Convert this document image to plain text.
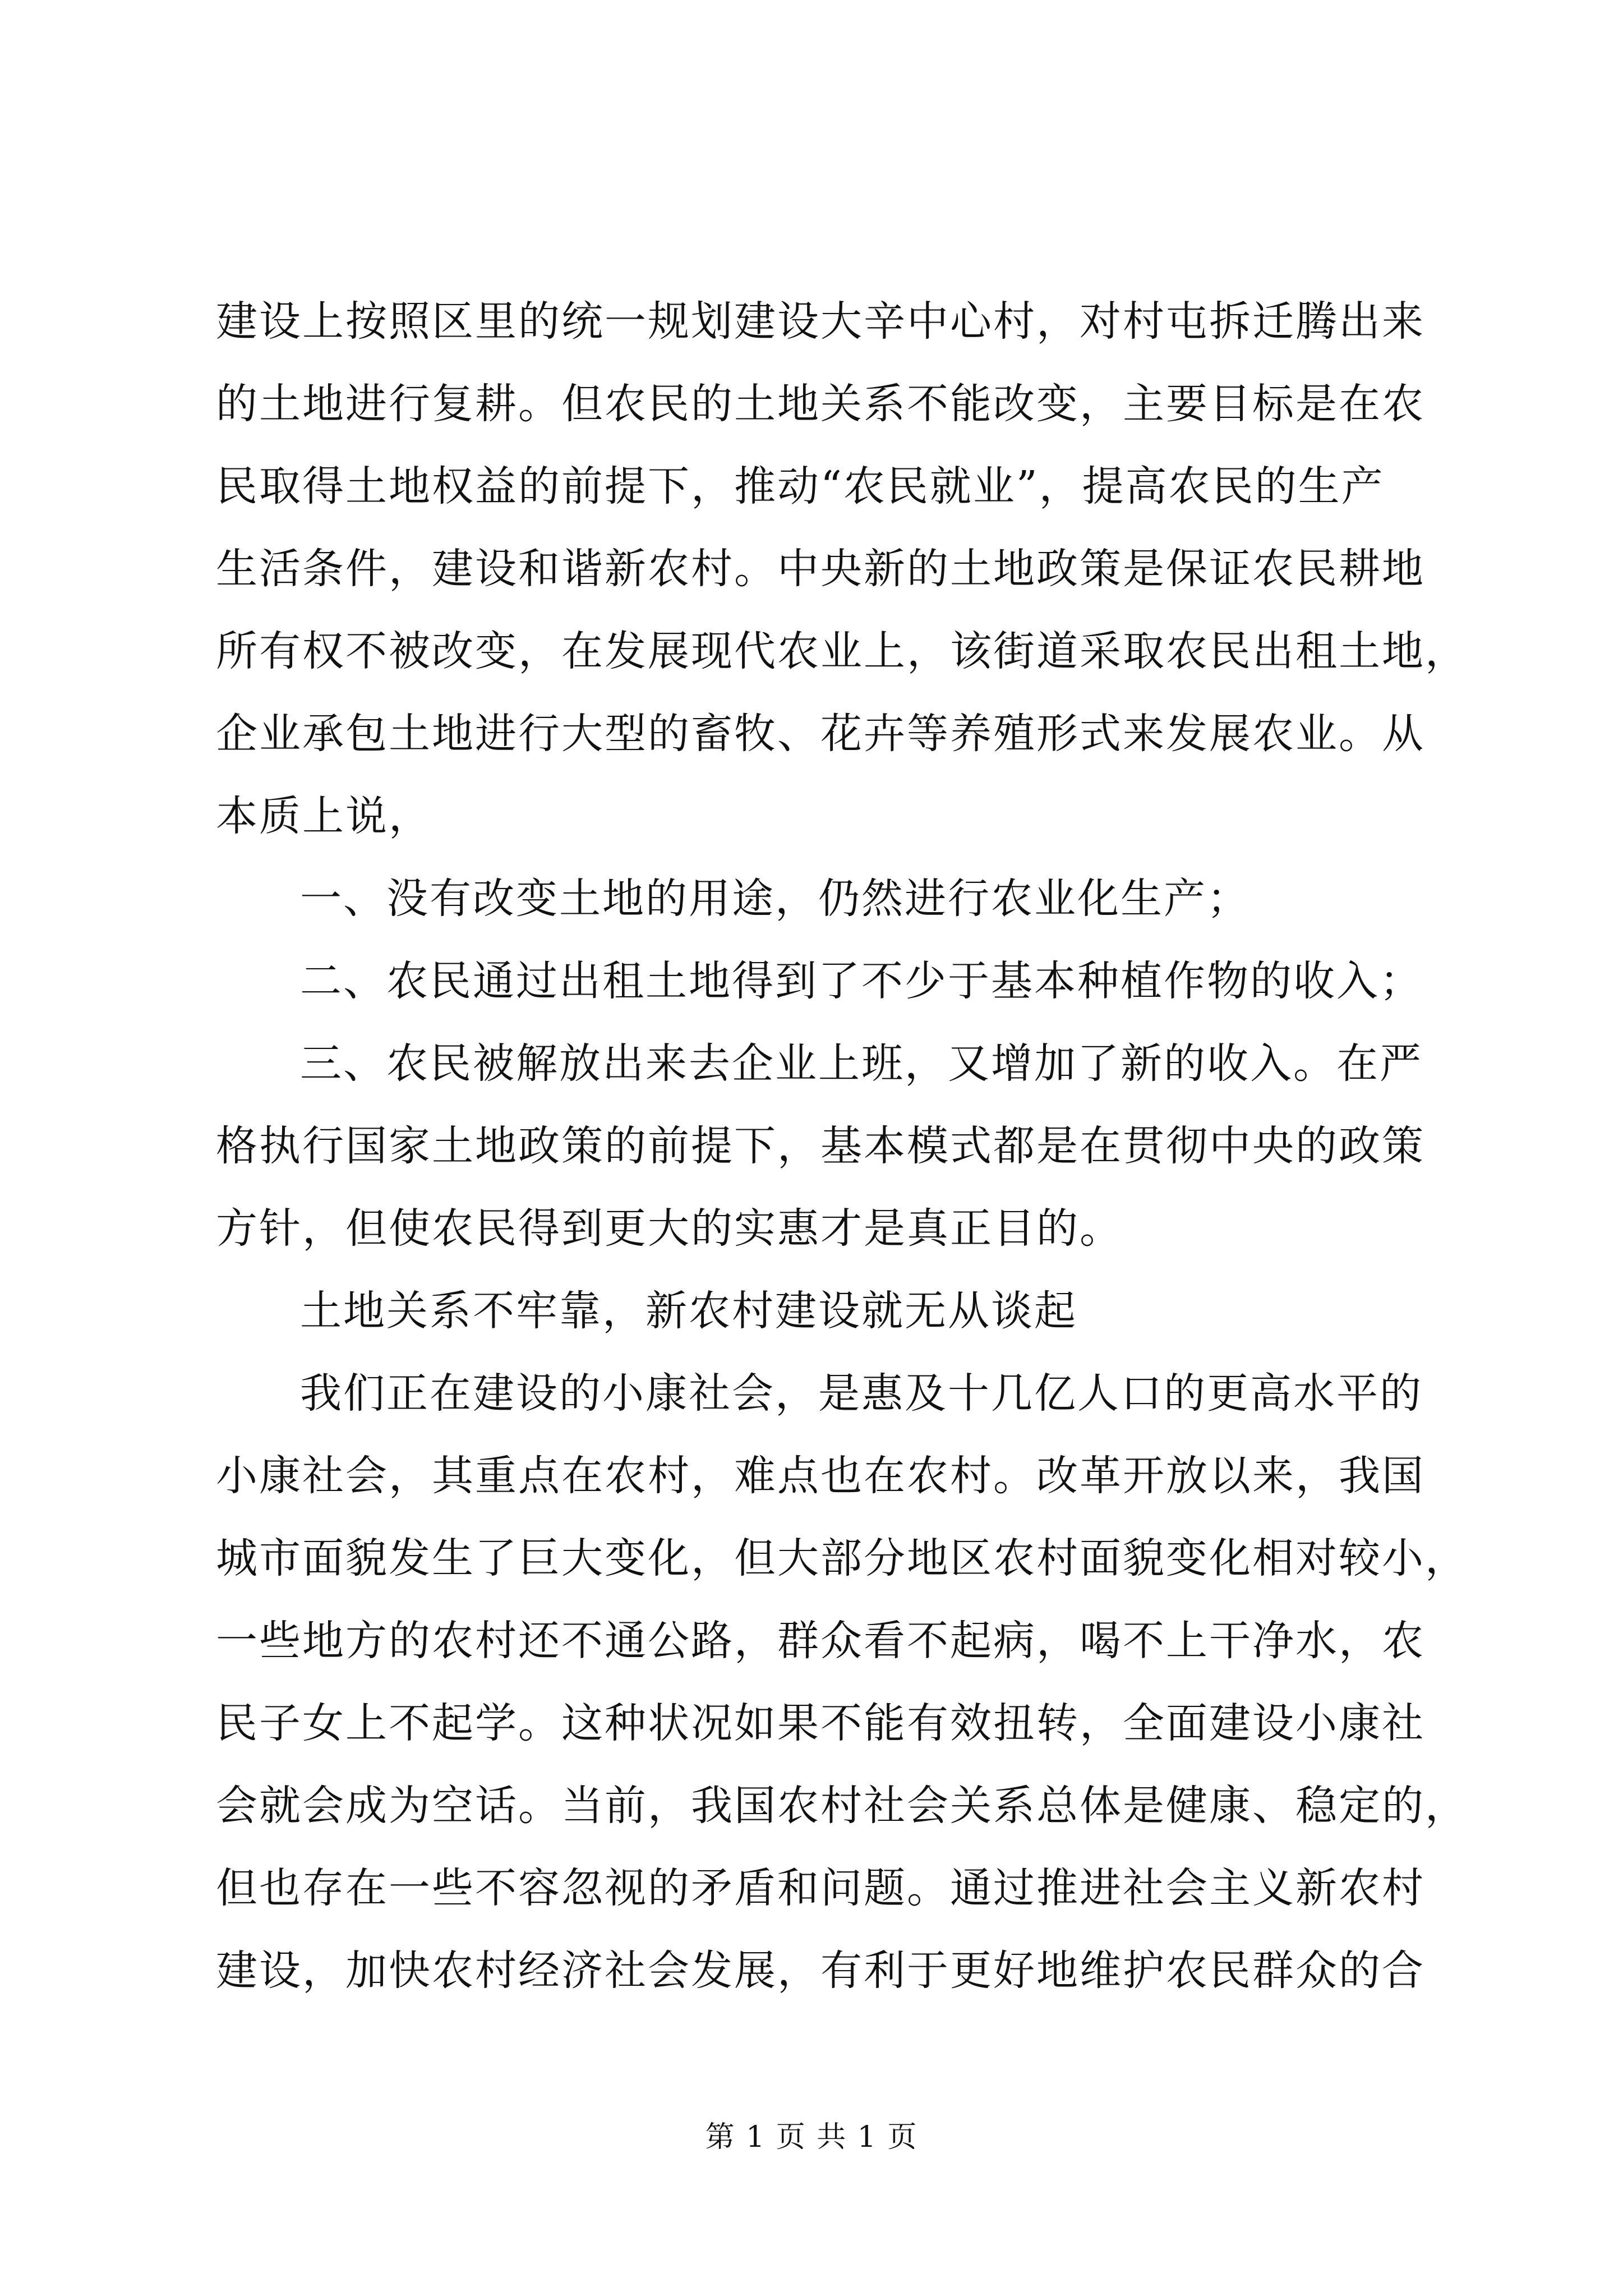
建设上按照区里的统一规划建设大辛中心村，对村屯拆迁腾出来
的土地进行复耕。但农民的土地关系不能改变，主要目标是在农
民取得土地权益的前提下，推动“农民就业”，提高农民的生产
生活条件，建设和谐新农村。中央新的土地政策是保证农民耕地
所有权不被改变，在发展现代农业上，该街道采取农民出租土地，
企业承包土地进行大型的畜牧、花卉等养殖形式来发展农业。从
本质上说，
一、没有改变土地的用途，仍然进行农业化生产；
二、农民通过出租土地得到了不少于基本种植作物的收入；
三、农民被解放出来去企业上班，又增加了新的收入。在严
格执行国家土地政策的前提下，基本模式都是在贯彻中央的政策
方针，但使农民得到更大的实惠才是真正目的。
土地关系不牢靠，新农村建设就无从谈起
我们正在建设的小康社会，是惠及十几亿人口的更高水平的
小康社会，其重点在农村，难点也在农村。改革开放以来，我国
城市面貌发生了巨大变化，但大部分地区农村面貌变化相对较小，
一些地方的农村还不通公路，群众看不起病，喝不上干净水，农
民子女上不起学。这种状况如果不能有效扭转，全面建设小康社
会就会成为空话。当前，我国农村社会关系总体是健康、稳定的，
但也存在一些不容忽视的矛盾和问题。通过推进社会主义新农村
建设，加快农村经济社会发展，有利于更好地维护农民群众的合
第 1 页 共 1 页
